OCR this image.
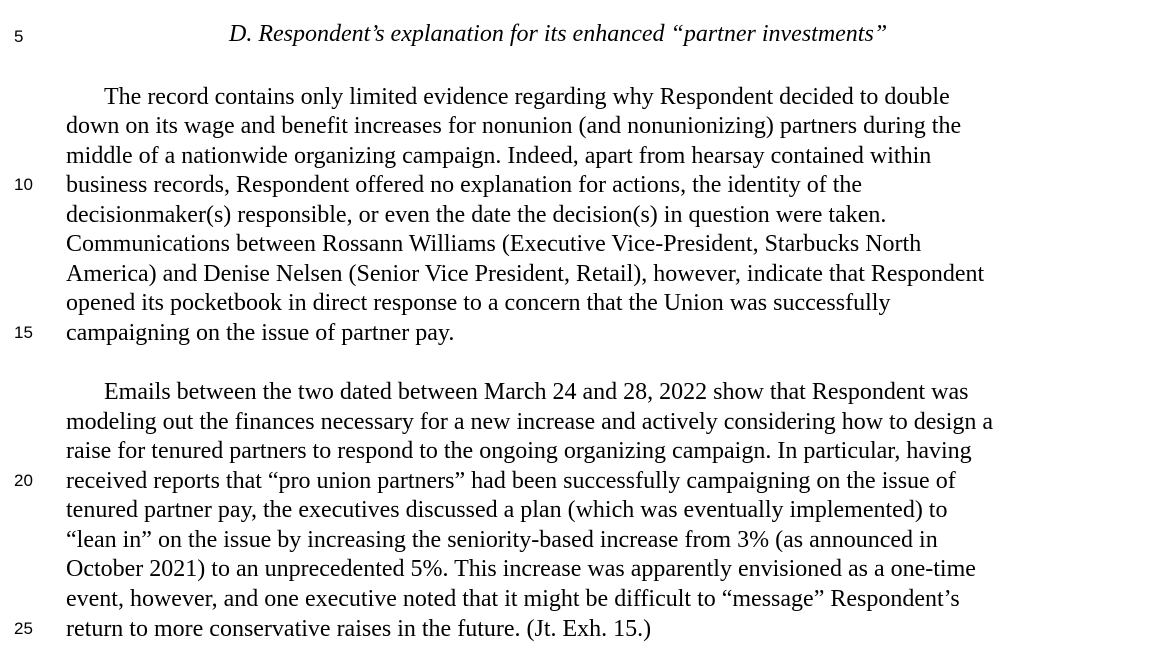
5
10
15
20
25
D. Respondent’s explanation for its enhanced “partner investments”
The record contains only limited evidence regarding why Respondent decided to double
down on its wage and benefit increases for nonunion (and nonunionizing) partners during the
middle of a nationwide organizing campaign. Indeed, apart from hearsay contained within
business records, Respondent offered no explanation for actions, the identity of the
decisionmaker(s) responsible, or even the date the decision(s) in question were taken.
Communications between Rossann Williams (Executive Vice-President, Starbucks North
America) and Denise Nelsen (Senior Vice President, Retail), however, indicate that Respondent
opened its pocketbook in direct response to a concern that the Union was successfully
campaigning on the issue of partner pay.
Emails between the two dated between March 24 and 28, 2022 show that Respondent was
modeling out the finances necessary for a new increase and actively considering how to design a
raise for tenured partners to respond to the ongoing organizing campaign. In particular, having
received reports that “pro union partners” had been successfully campaigning on the issue of
tenured partner pay, the executives discussed a plan (which was eventually implemented) to
“lean in” on the issue by increasing the seniority-based increase from 3% (as announced in
October 2021) to an unprecedented 5%. This increase was apparently envisioned as a one-time
event, however, and one executive noted that it might be difficult to “message” Respondent’s
return to more conservative raises in the future. (Jt. Exh. 15.)
